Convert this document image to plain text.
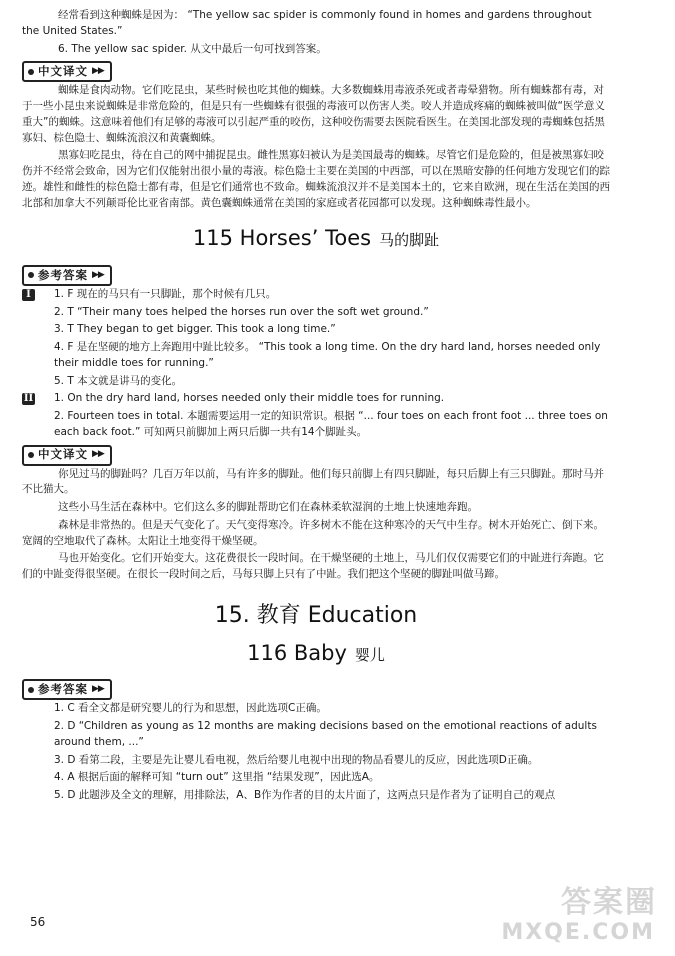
经常看到这种蜘蛛是因为： “The yellow sac spider is commonly found in homes and gardens throughout the United States.”

6. The yellow sac spider. 从文中最后一句可找到答案。

中文译文 ▶▶

蜘蛛是食肉动物。它们吃昆虫，某些时候也吃其他的蜘蛛。大多数蜘蛛用毒液杀死或者毒晕猎物。所有蜘蛛都有毒，对于一些小昆虫来说蜘蛛是非常危险的，但是只有一些蜘蛛有很强的毒液可以伤害人类。咬人并造成疼痛的蜘蛛被叫做“医学意义重大”的蜘蛛。这意味着他们有足够的毒液可以引起严重的咬伤，这种咬伤需要去医院看医生。在美国北部发现的毒蜘蛛包括黑寡妇、棕色隐士、蜘蛛流浪汉和黄囊蜘蛛。

黑寡妇吃昆虫，待在自己的网中捕捉昆虫。雌性黑寡妇被认为是美国最毒的蜘蛛。尽管它们是危险的，但是被黑寡妇咬伤并不经常会致命，因为它们仅能射出很小量的毒液。棕色隐士主要在美国的中西部，可以在黑暗安静的任何地方发现它们的踪迹。雄性和雌性的棕色隐士都有毒，但是它们通常也不致命。蜘蛛流浪汉并不是美国本土的，它来自欧洲，现在生活在美国的西北部和加拿大不列颠哥伦比亚省南部。黄色囊蜘蛛通常在美国的家庭或者花园都可以发现。这种蜘蛛毒性最小。

115 Horses’ Toes 马的脚趾
参考答案 ▶▶
I	1. F 现在的马只有一只脚趾，那个时候有几只。

2. T “Their many toes helped the horses run over the soft wet ground.”

3. T They began to get bigger. This took a long time.”

4. F 是在坚硬的地方上奔跑用中趾比较多。 “This took a long time. On the dry hard land, horses needed only their middle toes for running.”

5. T 本文就是讲马的变化。

II	1. On the dry hard land, horses needed only their middle toes for running.

2. Fourteen toes in total. 本题需要运用一定的知识常识。根据 “... four toes on each front foot ... three toes on each back foot.” 可知两只前脚加上两只后脚一共有14个脚趾头。

中文译文 ▶▶

你见过马的脚趾吗？几百万年以前，马有许多的脚趾。他们每只前脚上有四只脚趾，每只后脚上有三只脚趾。那时马并不比猫大。

这些小马生活在森林中。它们这么多的脚趾帮助它们在森林柔软湿润的土地上快速地奔跑。

森林是非常热的。但是天气变化了。天气变得寒冷。许多树木不能在这种寒冷的天气中生存。树木开始死亡、倒下来。宽阔的空地取代了森林。太阳让土地变得干燥坚硬。

马也开始变化。它们开始变大。这花费很长一段时间。在干燥坚硬的土地上，马儿们仅仅需要它们的中趾进行奔跑。它们的中趾变得很坚硬。在很长一段时间之后，马每只脚上只有了中趾。我们把这个坚硬的脚趾叫做马蹄。

15. 教育 Education
116 Baby 婴儿
参考答案 ▶▶

1. C 看全文都是研究婴儿的行为和思想，因此选项C正确。

2. D “Children as young as 12 months are making decisions based on the emotional reactions of adults around them, ...”

3. D 看第二段，主要是先让婴儿看电视，然后给婴儿电视中出现的物品看婴儿的反应，因此选项D正确。

4. A 根据后面的解释可知 “turn out” 这里指 “结果发现”，因此选A。

5. D 此题涉及全文的理解，用排除法，A、B作为作者的目的太片面了，这两点只是作者为了证明自己的观点

56
答案圈
MXQE.COM
